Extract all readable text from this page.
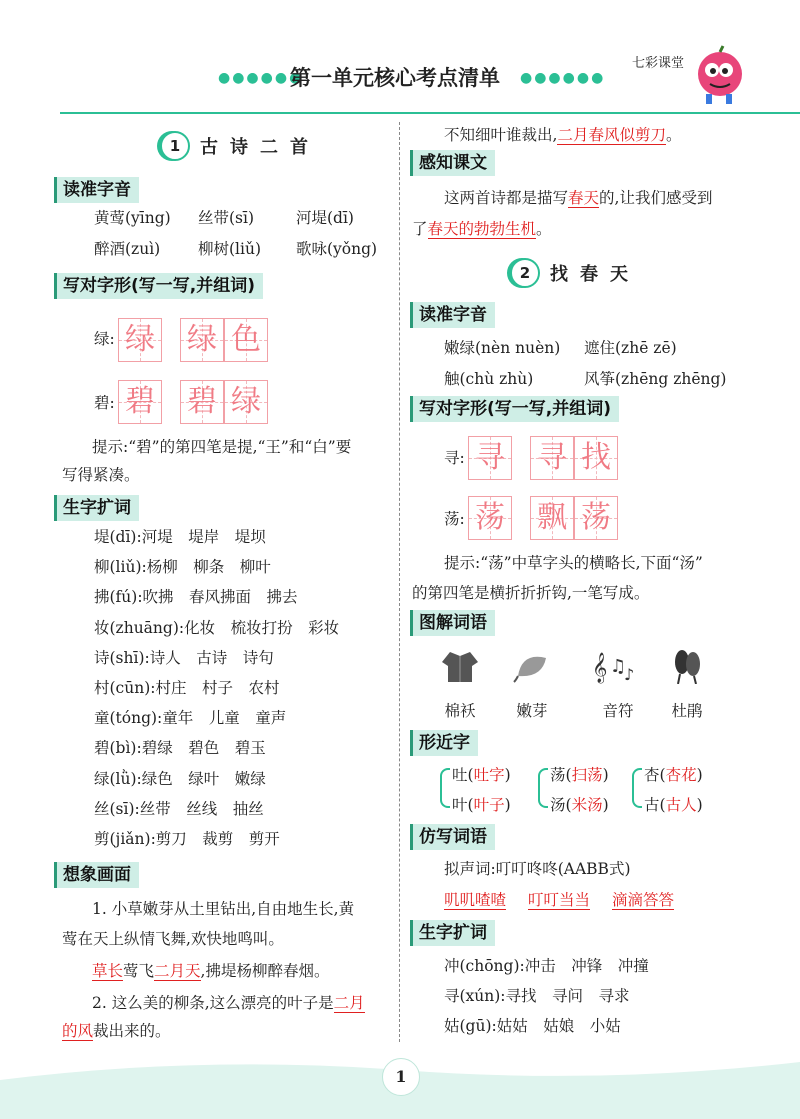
●●●●●●
第一单元核心考点清单 ●●●●●●
七彩课堂
1	古诗二首
读准字音
黄莺(yīng) 丝带(sī)	河堤(dī)
醉酒(zuì) 柳树(liǔ) 歌咏(yǒng)
写对字形(写一写,并组词)
绿: 绿 绿 色
碧: 碧 碧 绿
提示:“碧”的第四笔是提,“王”和“白”要
写得紧凑。
生字扩词
堤(dī):河堤　堤岸　堤坝
柳(liǔ):杨柳　柳条　柳叶
拂(fú):吹拂　春风拂面　拂去
妆(zhuāng):化妆　梳妆打扮　彩妆
诗(shī):诗人　古诗　诗句
村(cūn):村庄　村子　农村
童(tóng):童年　儿童　童声
碧(bì):碧绿　碧色　碧玉
绿(lǜ):绿色　绿叶　嫩绿
丝(sī):丝带　丝线　抽丝
剪(jiǎn):剪刀　裁剪　剪开
想象画面
1. 小草嫩芽从土里钻出,自由地生长,黄
莺在天上纵情飞舞,欢快地鸣叫。
草长莺飞二月天,拂堤杨柳醉春烟。
2. 这么美的柳条,这么漂亮的叶子是二月
的风裁出来的。
不知细叶谁裁出,二月春风似剪刀。
感知课文
这两首诗都是描写春天的,让我们感受到
了春天的勃勃生机。
2	找春天
读准字音
嫩绿(nèn nuèn) 遮住(zhē zē)
触(chù zhù)	风筝(zhēng zhēng)
写对字形(写一写,并组词)
寻: 寻 寻 找
荡: 荡 飘 荡
提示:“荡”中草字头的横略长,下面“汤”
的第四笔是横折折折钩,一笔写成。
图解词语
𝄞 ♫
♪
棉袄	嫩芽	音符	杜鹃
形近字
吐(吐字)
叶(叶子)
荡(扫荡)
汤(米汤)
杏(杏花)
古(古人)
仿写词语
拟声词:叮叮咚咚(AABB式)
叽叽喳喳 叮叮当当 滴滴答答
生字扩词
冲(chōng):冲击　冲锋　冲撞
寻(xún):寻找　寻问　寻求
姑(gū):姑姑　姑娘　小姑
1
